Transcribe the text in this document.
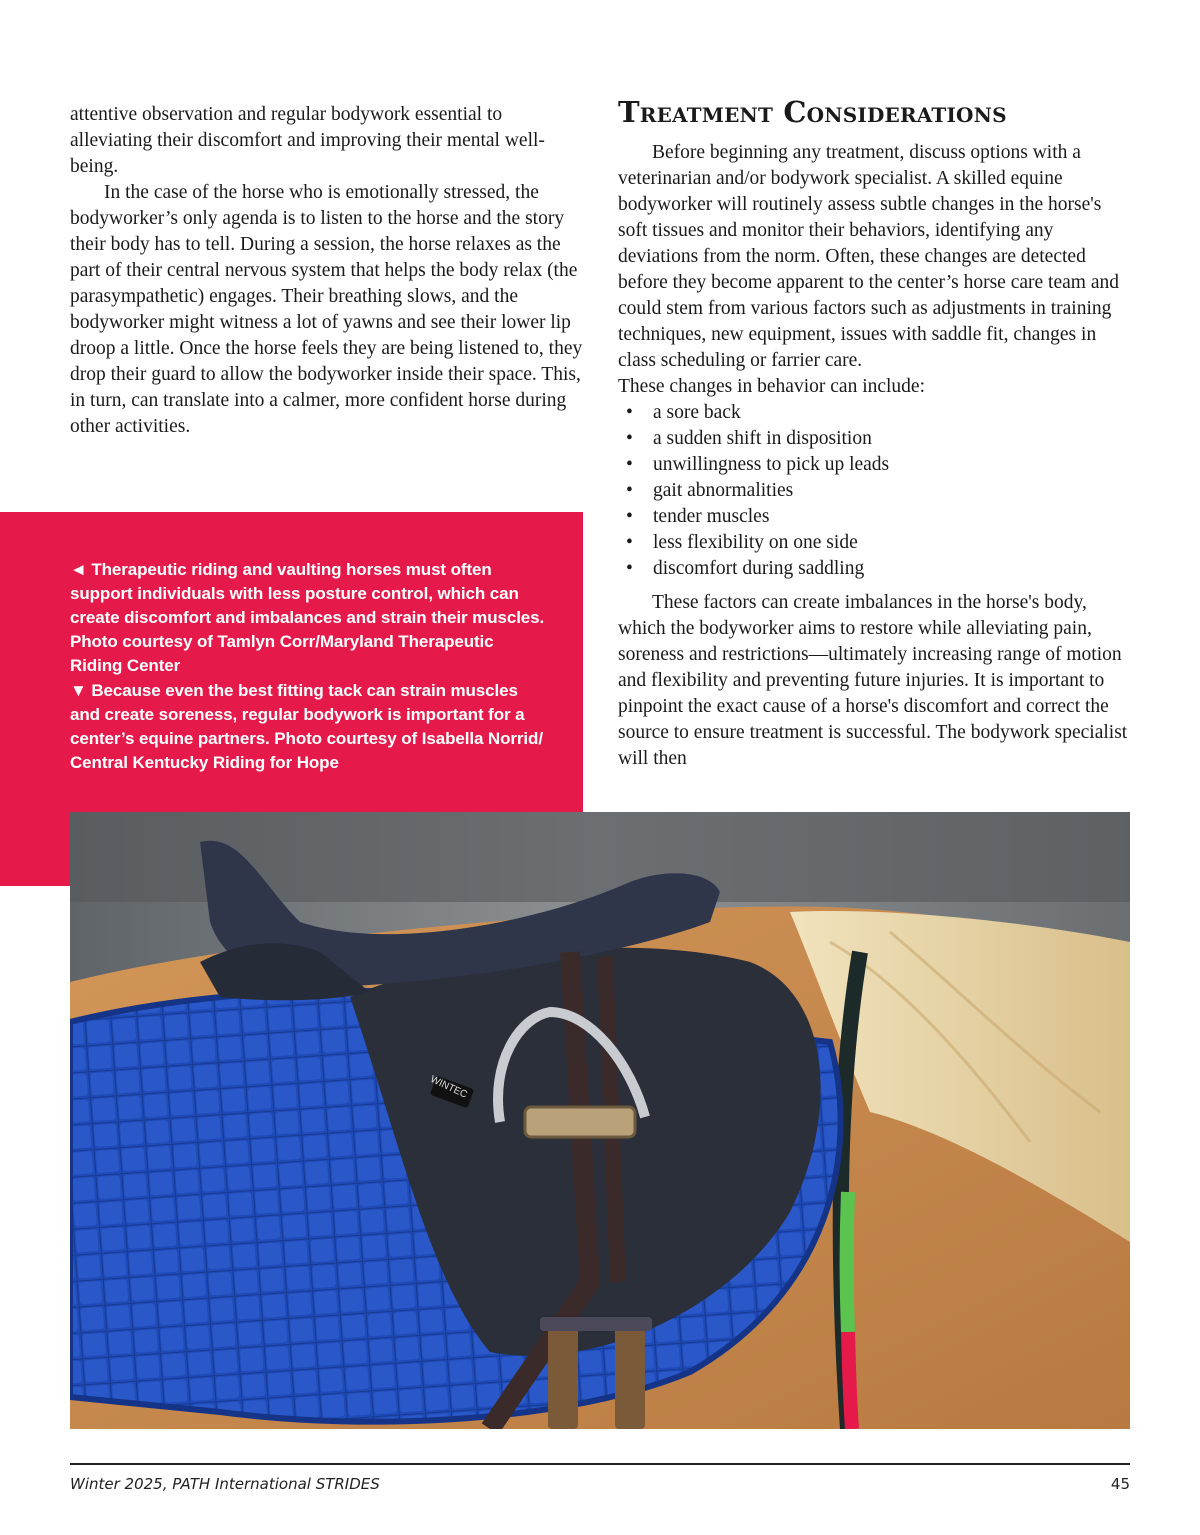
attentive observation and regular bodywork essential to alleviating their discomfort and improving their mental well-being.

In the case of the horse who is emotionally stressed, the bodyworker’s only agenda is to listen to the horse and the story their body has to tell. During a session, the horse relaxes as the part of their central nervous system that helps the body relax (the parasympathetic) engages. Their breathing slows, and the bodyworker might witness a lot of yawns and see their lower lip droop a little. Once the horse feels they are being listened to, they drop their guard to allow the bodyworker inside their space. This, in turn, can translate into a calmer, more confident horse during other activities.

◄ Therapeutic riding and vaulting horses must often support individuals with less posture control, which can create discomfort and imbalances and strain their muscles. Photo courtesy of Tamlyn Corr/Maryland Therapeutic Riding Center
▼ Because even the best fitting tack can strain muscles and create soreness, regular bodywork is important for a center’s equine partners. Photo courtesy of Isabella Norrid/ Central Kentucky Riding for Hope
Treatment Considerations

Before beginning any treatment, discuss options with a veterinarian and/or bodywork specialist. A skilled equine bodyworker will routinely assess subtle changes in the horse's soft tissues and monitor their behaviors, identifying any deviations from the norm. Often, these changes are detected before they become apparent to the center’s horse care team and could stem from various factors such as adjustments in training techniques, new equipment, issues with saddle fit, changes in class scheduling or farrier care.

These changes in behavior can include:

• a sore back
• a sudden shift in disposition
• unwillingness to pick up leads
• gait abnormalities
• tender muscles
• less flexibility on one side
• discomfort during saddling

These factors can create imbalances in the horse's body, which the bodyworker aims to restore while alleviating pain, soreness and restrictions—ultimately increasing range of motion and flexibility and preventing future injuries. It is important to pinpoint the exact cause of a horse's discomfort and correct the source to ensure treatment is successful. The bodywork specialist will then

WINTEC
Winter 2025, PATH International STRIDES	45
